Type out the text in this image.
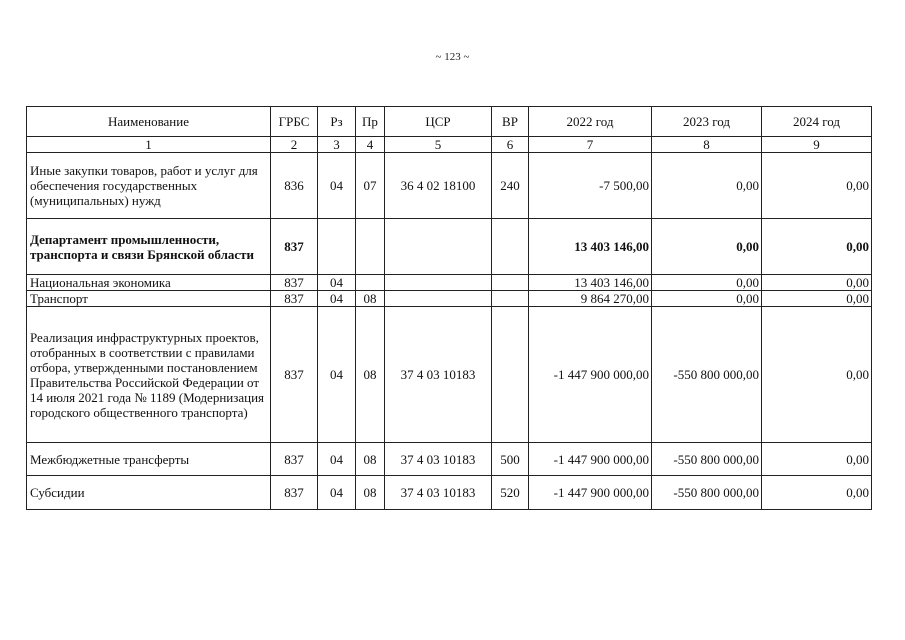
~ 123 ~
Наименование	ГРБС	Рз	Пр	ЦСР	ВР	2022 год	2023 год	2024 год
1	2	3	4	5	6	7	8	9
Иные закупки товаров, работ и услуг для обеспечения государственных (муниципальных) нужд	836	04	07	36 4 02 18100	240	-7 500,00	0,00	0,00
Департамент промышленности, транспорта и связи Брянской области	837					13 403 146,00	0,00	0,00
Национальная экономика	837	04				13 403 146,00	0,00	0,00
Транспорт	837	04	08			9 864 270,00	0,00	0,00
Реализация инфраструктурных проектов, отобранных в соответствии с правилами отбора, утвержденными постановлением Правительства Российской Федерации от 14 июля 2021 года № 1189 (Модернизация городского общественного транспорта)	837	04	08	37 4 03 10183		-1 447 900 000,00	-550 800 000,00	0,00
Межбюджетные трансферты	837	04	08	37 4 03 10183	500	-1 447 900 000,00	-550 800 000,00	0,00
Субсидии	837	04	08	37 4 03 10183	520	-1 447 900 000,00	-550 800 000,00	0,00
